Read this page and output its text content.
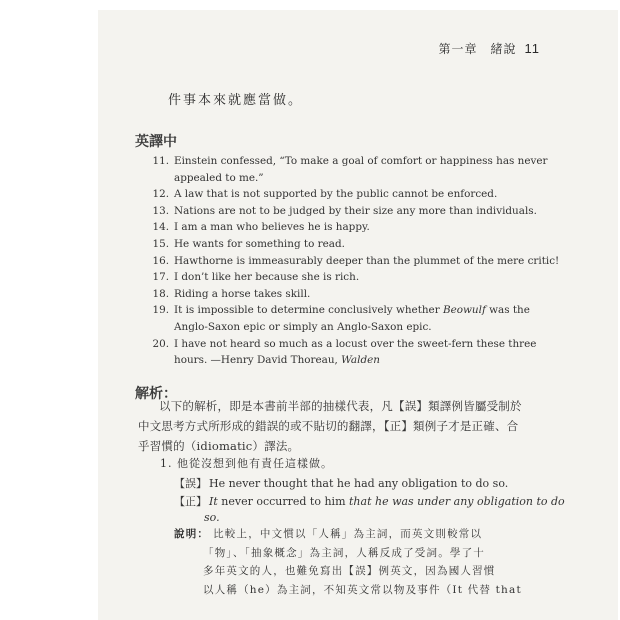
第一章　緒說 11
件事本來就應當做。
英譯中
11. Einstein confessed, “To make a goal of comfort or happiness has never
appealed to me.”
12. A law that is not supported by the public cannot be enforced.
13. Nations are not to be judged by their size any more than individuals.
14. I am a man who believes he is happy.
15. He wants for something to read.
16. Hawthorne is immeasurably deeper than the plummet of the mere critic!
17. I don’t like her because she is rich.
18. Riding a horse takes skill.
19. It is impossible to determine conclusively whether Beowulf was the
Anglo-Saxon epic or simply an Anglo-Saxon epic.
20. I have not heard so much as a locust over the sweet-fern these three
hours. —Henry David Thoreau, Walden
解析：
以下的解析，即是本書前半部的抽樣代表，凡【誤】類譯例皆屬受制於
中文思考方式所形成的錯誤的或不貼切的翻譯，【正】類例子才是正確、合
乎習慣的（idiomatic）譯法。
1. 他從沒想到他有責任這樣做。
【誤】 He never thought that he had any obligation to do so.
【正】 It never occurred to him that he was under any obligation to do
so.
說明： 比較上，中文慣以「人稱」為主詞，而英文則較常以
「物」、「抽象概念」為主詞，人稱反成了受詞。學了十
多年英文的人，也難免寫出【誤】例英文，因為國人習慣
以人稱（he）為主詞，不知英文常以物及事件（It 代替 that
